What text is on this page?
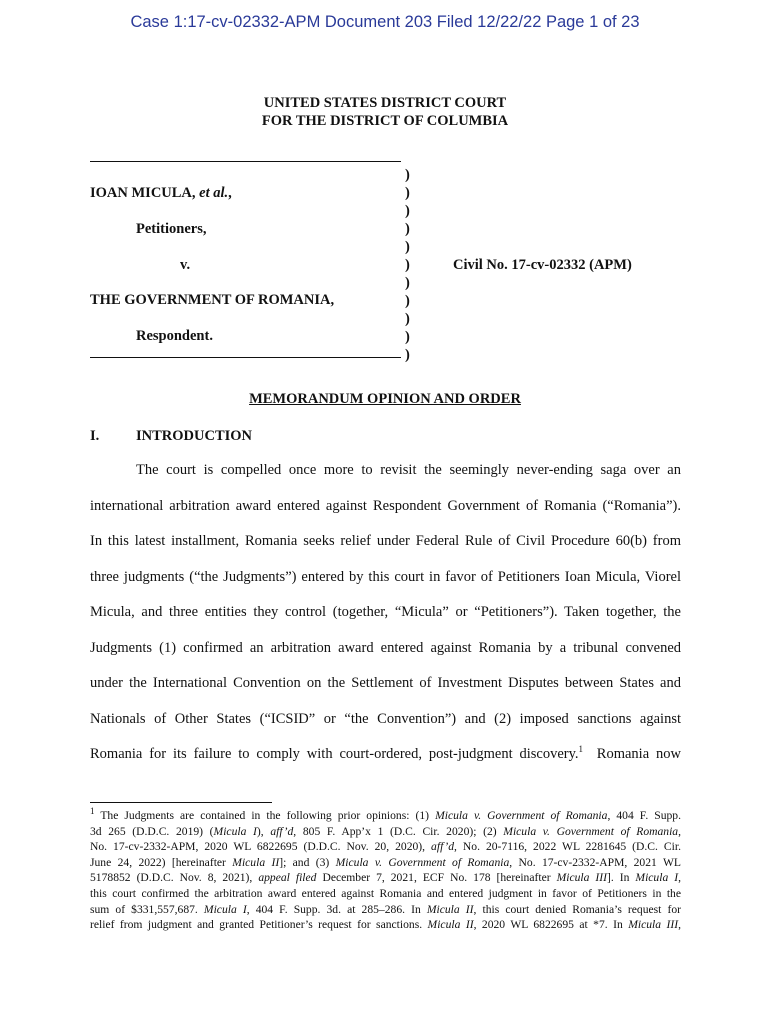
Case 1:17-cv-02332-APM Document 203 Filed 12/22/22 Page 1 of 23
UNITED STATES DISTRICT COURT
FOR THE DISTRICT OF COLUMBIA
)
)
)
)
)
)
)
)
)
)
)
IOAN MICULA, et al.,
Petitioners,
v.
THE GOVERNMENT OF ROMANIA,
Respondent.
Civil No. 17-cv-02332 (APM)
MEMORANDUM OPINION AND ORDER
I.	INTRODUCTION
The court is compelled once more to revisit the seemingly never-ending saga over an
international arbitration award entered against Respondent Government of Romania (“Romania”).
In this latest installment, Romania seeks relief under Federal Rule of Civil Procedure 60(b) from
three judgments (“the Judgments”) entered by this court in favor of Petitioners Ioan Micula, Viorel
Micula, and three entities they control (together, “Micula” or “Petitioners”). Taken together, the
Judgments (1) confirmed an arbitration award entered against Romania by a tribunal convened
under the International Convention on the Settlement of Investment Disputes between States and
Nationals of Other States (“ICSID” or “the Convention”) and (2) imposed sanctions against
Romania for its failure to comply with court-ordered, post-judgment discovery.$^1$  Romania now
$^1$ The Judgments are contained in the following prior opinions: (1) Micula v. Government of Romania, 404 F. Supp.
3d 265 (D.D.C. 2019) (Micula I), aff’d, 805 F. App’x 1 (D.C. Cir. 2020); (2) Micula v. Government of Romania,
No. 17-cv-2332-APM, 2020 WL 6822695 (D.D.C. Nov. 20, 2020), aff’d, No. 20-7116, 2022 WL 2281645 (D.C. Cir.
June 24, 2022) [hereinafter Micula II]; and (3) Micula v. Government of Romania, No. 17-cv-2332-APM, 2021 WL
5178852 (D.D.C. Nov. 8, 2021), appeal filed December 7, 2021, ECF No. 178 [hereinafter Micula III]. In Micula I,
this court confirmed the arbitration award entered against Romania and entered judgment in favor of Petitioners in the
sum of $331,557,687. Micula I, 404 F. Supp. 3d. at 285–286. In Micula II, this court denied Romania’s request for
relief from judgment and granted Petitioner’s request for sanctions. Micula II, 2020 WL 6822695 at *7. In Micula III,
